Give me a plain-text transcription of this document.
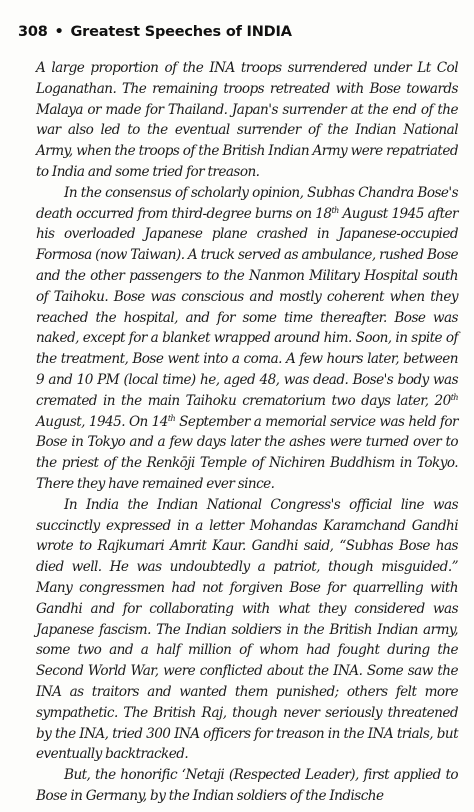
308 • Greatest Speeches of INDIA

A large proportion of the INA troops surrendered under Lt Col Loganathan. The remaining troops retreated with Bose towards Malaya or made for Thailand. Japan's surrender at the end of the war also led to the eventual surrender of the Indian National Army, when the troops of the British Indian Army were repatriated to India and some tried for treason.

In the consensus of scholarly opinion, Subhas Chandra Bose's death occurred from third-degree burns on 18th August 1945 after his overloaded Japanese plane crashed in Japanese-occupied Formosa (now Taiwan). A truck served as ambulance, rushed Bose and the other passengers to the Nanmon Military Hospital south of Taihoku. Bose was conscious and mostly coherent when they reached the hospital, and for some time thereafter. Bose was naked, except for a blanket wrapped around him. Soon, in spite of the treatment, Bose went into a coma. A few hours later, between 9 and 10 PM (local time) he, aged 48, was dead. Bose's body was cremated in the main Taihoku crematorium two days later, 20th August, 1945. On 14th September a memorial service was held for Bose in Tokyo and a few days later the ashes were turned over to the priest of the Renkōji Temple of Nichiren Buddhism in Tokyo. There they have remained ever since.

In India the Indian National Congress's official line was succinctly expressed in a letter Mohandas Karamchand Gandhi wrote to Rajkumari Amrit Kaur. Gandhi said, “Subhas Bose has died well. He was undoubtedly a patriot, though misguided.” Many congressmen had not forgiven Bose for quarrelling with Gandhi and for collaborating with what they considered was Japanese fascism. The Indian soldiers in the British Indian army, some two and a half million of whom had fought during the Second World War, were conflicted about the INA. Some saw the INA as traitors and wanted them punished; others felt more sympathetic. The British Raj, though never seriously threatened by the INA, tried 300 INA officers for treason in the INA trials, but eventually backtracked.

But, the honorific ‘Netaji (Respected Leader), first applied to Bose in Germany, by the Indian soldiers of the Indische
